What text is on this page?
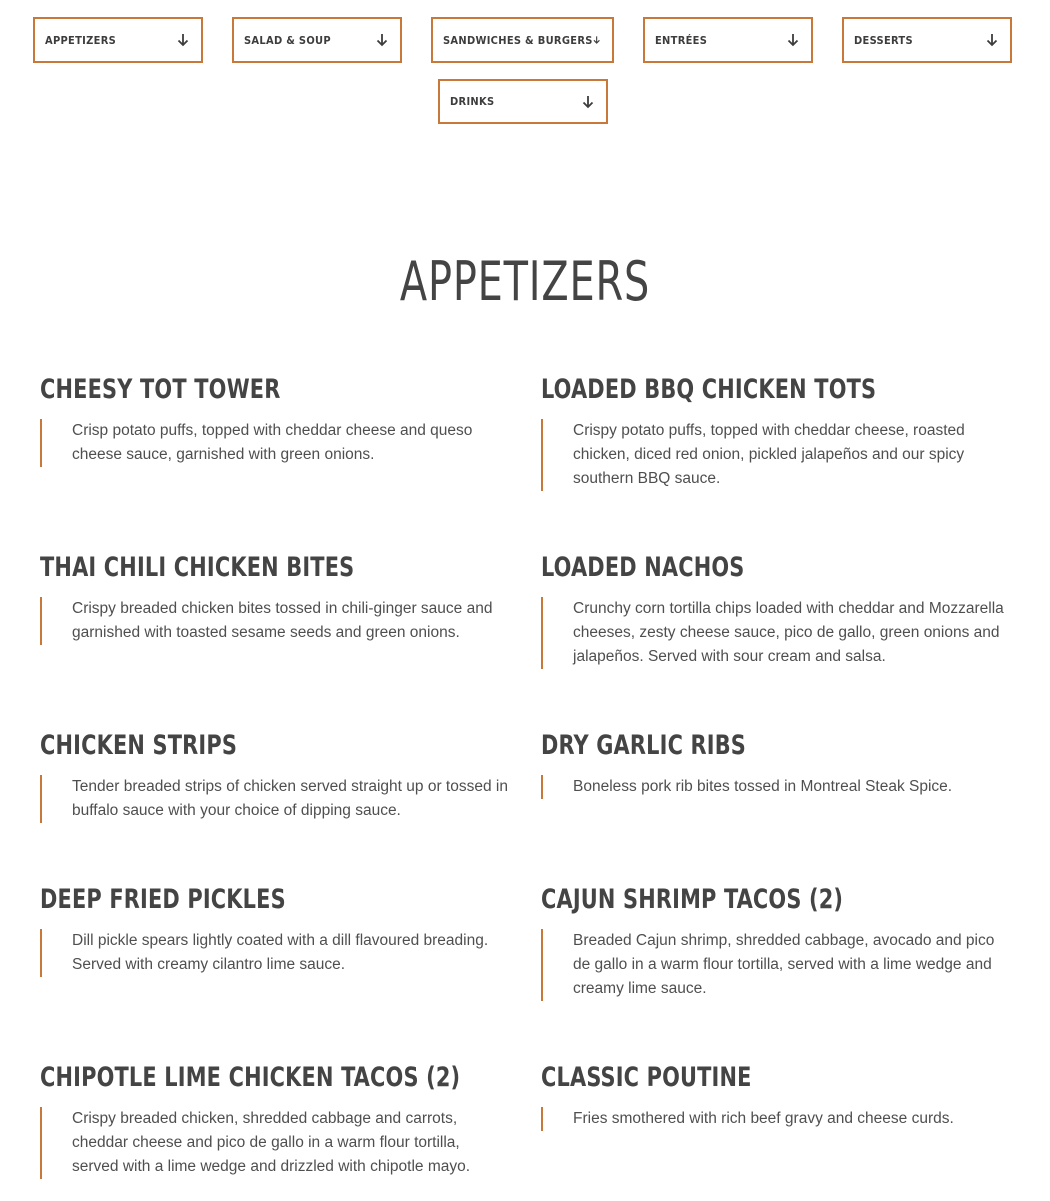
APPETIZERS	SALAD & SOUP	SANDWICHES & BURGERS	ENTRÉES	DESSERTS
DRINKS
APPETIZERS
CHEESY TOT TOWER

Crisp potato puffs, topped with cheddar cheese and queso cheese sauce, garnished with green onions.

LOADED BBQ CHICKEN TOTS

Crispy potato puffs, topped with cheddar cheese, roasted chicken, diced red onion, pickled jalapeños and our spicy southern BBQ sauce.

THAI CHILI CHICKEN BITES

Crispy breaded chicken bites tossed in chili-ginger sauce and garnished with toasted sesame seeds and green onions.

LOADED NACHOS

Crunchy corn tortilla chips loaded with cheddar and Mozzarella cheeses, zesty cheese sauce, pico de gallo, green onions and jalapeños. Served with sour cream and salsa.

CHICKEN STRIPS

Tender breaded strips of chicken served straight up or tossed in buffalo sauce with your choice of dipping sauce.

DRY GARLIC RIBS

Boneless pork rib bites tossed in Montreal Steak Spice.

DEEP FRIED PICKLES

Dill pickle spears lightly coated with a dill flavoured breading. Served with creamy cilantro lime sauce.

CAJUN SHRIMP TACOS (2)

Breaded Cajun shrimp, shredded cabbage, avocado and pico de gallo in a warm flour tortilla, served with a lime wedge and creamy lime sauce.

CHIPOTLE LIME CHICKEN TACOS (2)

Crispy breaded chicken, shredded cabbage and carrots, cheddar cheese and pico de gallo in a warm flour tortilla, served with a lime wedge and drizzled with chipotle mayo.

CLASSIC POUTINE

Fries smothered with rich beef gravy and cheese curds.
